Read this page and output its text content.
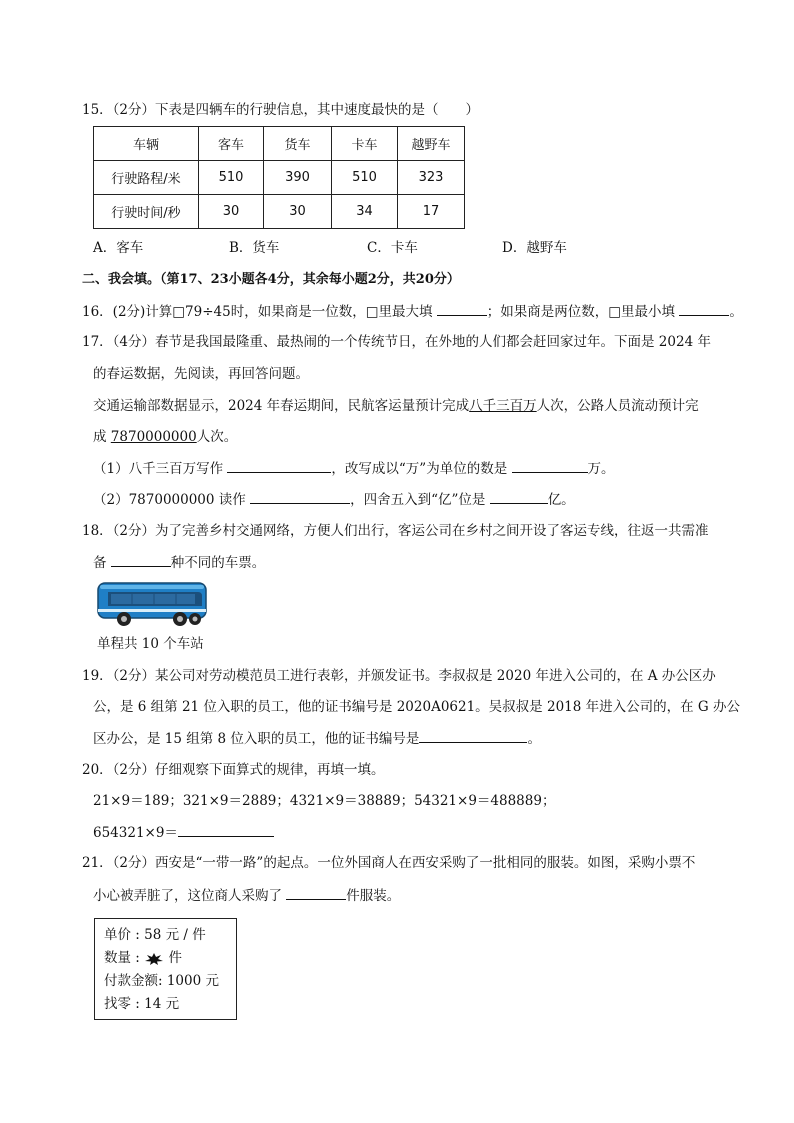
15．（2分）下表是四辆车的行驶信息，其中速度最快的是（　　）
车辆	客车	货车	卡车	越野车
行驶路程/米	510	390	510	323
行驶时间/秒	30	30	34	17
A．客车	B．货车	C．卡车	D．越野车
二、我会填。（第17、23小题各4分，其余每小题2分，共20分）
16．(2分)计算□79÷45时，如果商是一位数，□里最大填	；如果商是两位数，□里最小填	。
17．（4分）春节是我国最隆重、最热闹的一个传统节日，在外地的人们都会赶回家过年。下面是 2024 年
的春运数据，先阅读，再回答问题。
交通运输部数据显示，2024 年春运期间，民航客运量预计完成八千三百万人次，公路人员流动预计完
成 7870000000人次。
（1）八千三百万写作	，改写成以“万”为单位的数是	万。
（2）7870000000 读作	，四舍五入到“亿”位是	亿。
18．（2分）为了完善乡村交通网络，方便人们出行，客运公司在乡村之间开设了客运专线，往返一共需准
备	种不同的车票。
单程共 10 个车站
19．（2分）某公司对劳动模范员工进行表彰，并颁发证书。李叔叔是 2020 年进入公司的，在 A 办公区办
公，是 6 组第 21 位入职的员工，他的证书编号是 2020A0621。吴叔叔是 2018 年进入公司的，在 G 办公
区办公，是 15 组第 8 位入职的员工，他的证书编号是	。
20．（2分）仔细观察下面算式的规律，再填一填。
21×9＝189；321×9＝2889；4321×9＝38889；54321×9＝488889；
654321×9＝
21．（2分）西安是“一带一路”的起点。一位外国商人在西安采购了一批相同的服装。如图，采购小票不
小心被弄脏了，这位商人采购了	件服装。
单价 : 58 元 / 件
数量 : 件
付款金额: 1000 元
找零 : 14 元
